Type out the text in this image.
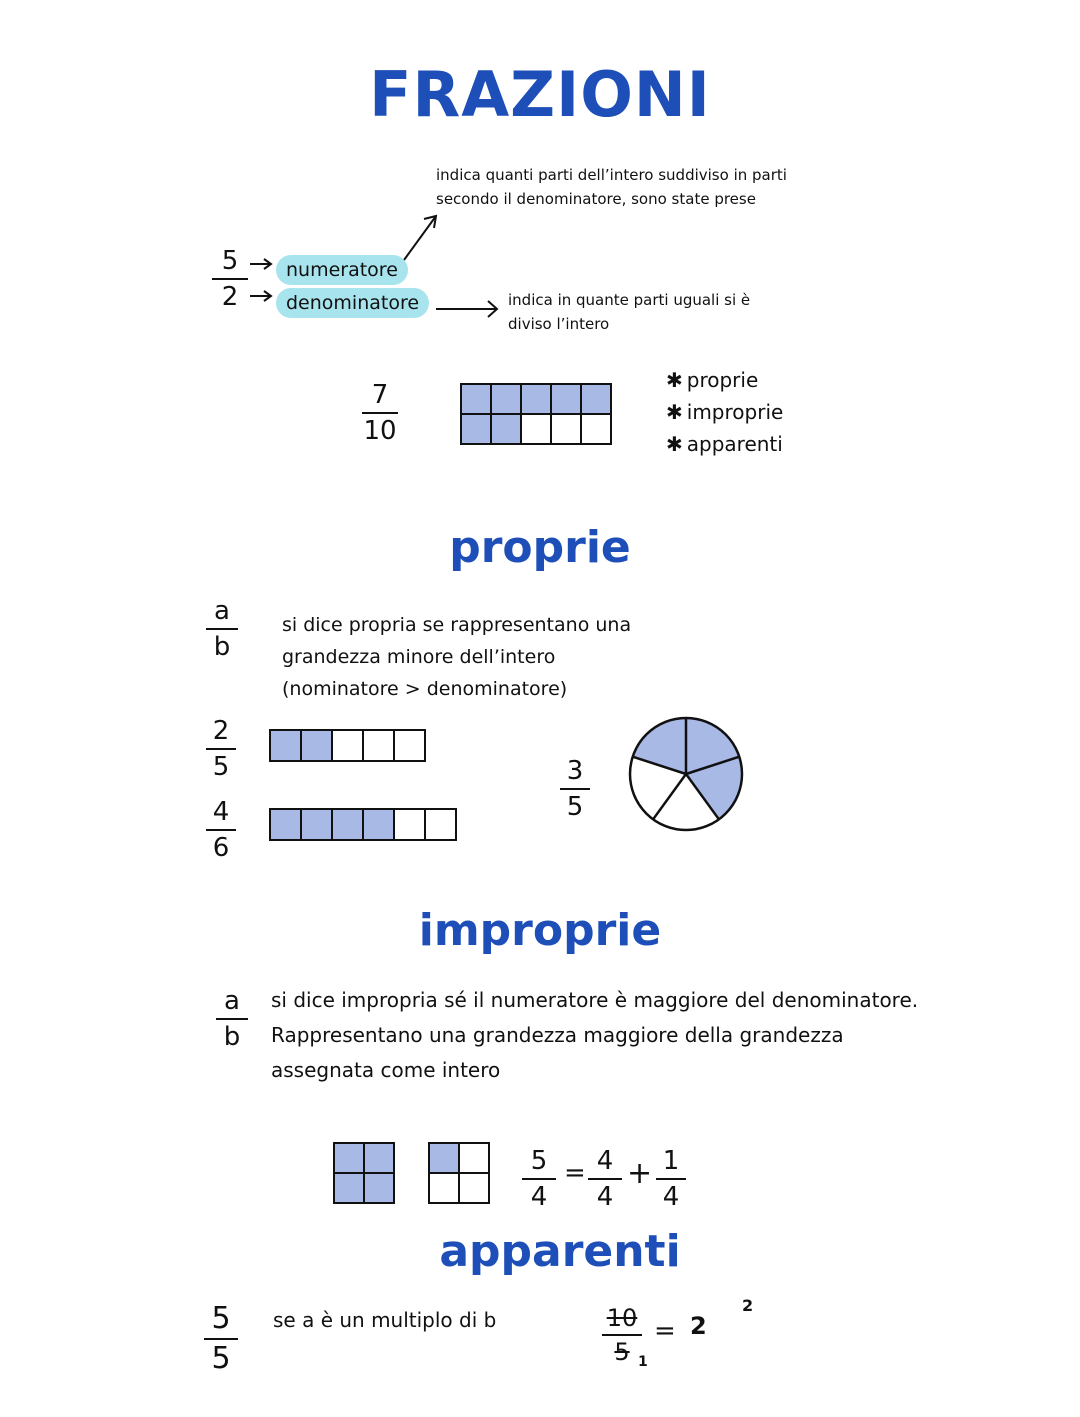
FRAZIONI
indica quanti parti dell’intero suddiviso in parti
secondo il denominatore, sono state prese
5
2
numeratore
denominatore	indica in quante parti uguali si è
diviso l’intero
7
10

✱ proprie
✱ improprie
✱ apparenti
proprie
a
b
si dice propria se rappresentano una
grandezza minore dell’intero
(nominatore > denominatore)
2
5

4
6

3
5
improprie
a
b
si dice impropria sé il numeratore è maggiore del denominatore.
Rappresentano una grandezza maggiore della grandezza
assegnata come intero

5
4
= 4
4
+ 1
4
apparenti
5
5
se a è un multiplo di b	10
5 1
= 2
2
